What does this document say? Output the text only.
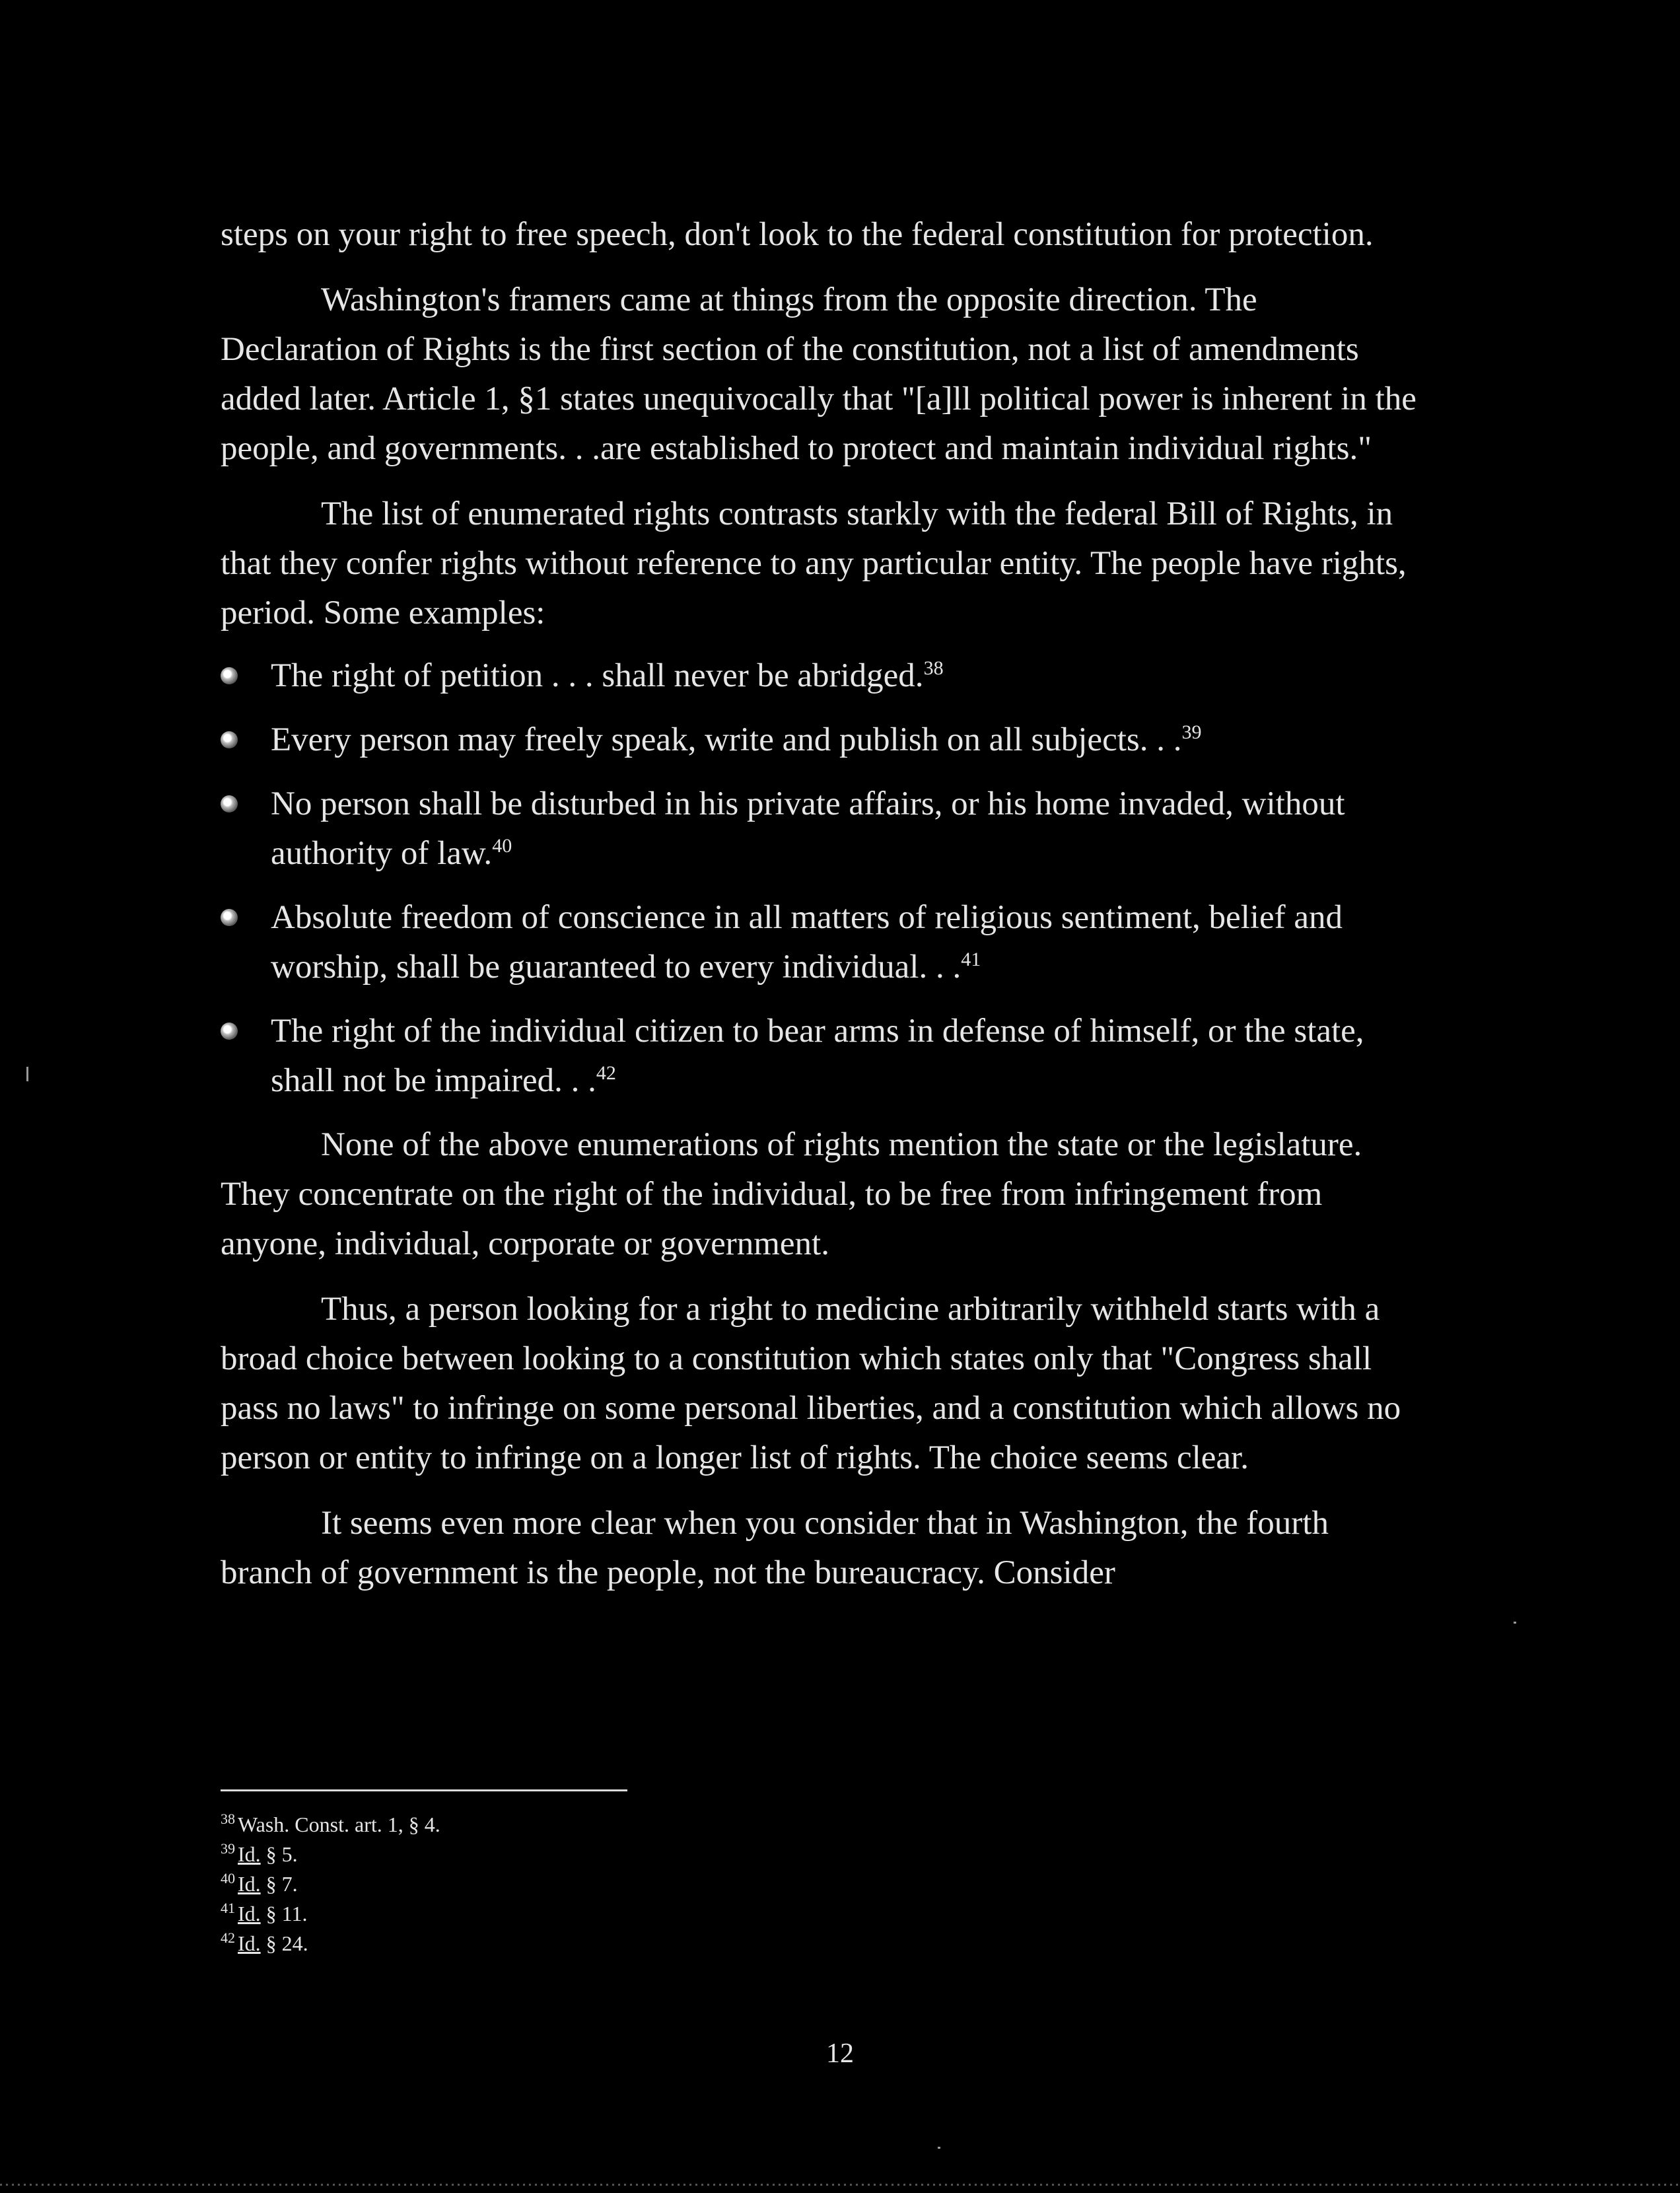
steps on your right to free speech, don't look to the federal constitution for protection.

Washington's framers came at things from the opposite direction. The Declaration of Rights is the first section of the constitution, not a list of amendments added later. Article 1, §1 states unequivocally that "[a]ll political power is inherent in the people, and governments. . .are established to protect and maintain individual rights."

The list of enumerated rights contrasts starkly with the federal Bill of Rights, in that they confer rights without reference to any particular entity. The people have rights, period. Some examples:

The right of petition . . . shall never be abridged.$^{38}$
Every person may freely speak, write and publish on all subjects. . .$^{39}$
No person shall be disturbed in his private affairs, or his home invaded, without authority of law.$^{40}$
Absolute freedom of conscience in all matters of religious sentiment, belief and worship, shall be guaranteed to every individual. . .$^{41}$
The right of the individual citizen to bear arms in defense of himself, or the state, shall not be impaired. . .$^{42}$

None of the above enumerations of rights mention the state or the legislature. They concentrate on the right of the individual, to be free from infringement from anyone, individual, corporate or government.

Thus, a person looking for a right to medicine arbitrarily withheld starts with a broad choice between looking to a constitution which states only that "Congress shall pass no laws" to infringe on some personal liberties, and a constitution which allows no person or entity to infringe on a longer list of rights. The choice seems clear.

It seems even more clear when you consider that in Washington, the fourth branch of government is the people, not the bureaucracy. Consider

$^{38}$ Wash. Const. art. 1, § 4.

$^{39}$ Id. § 5.

$^{40}$ Id. § 7.

$^{41}$ Id. § 11.

$^{42}$ Id. § 24.

12
